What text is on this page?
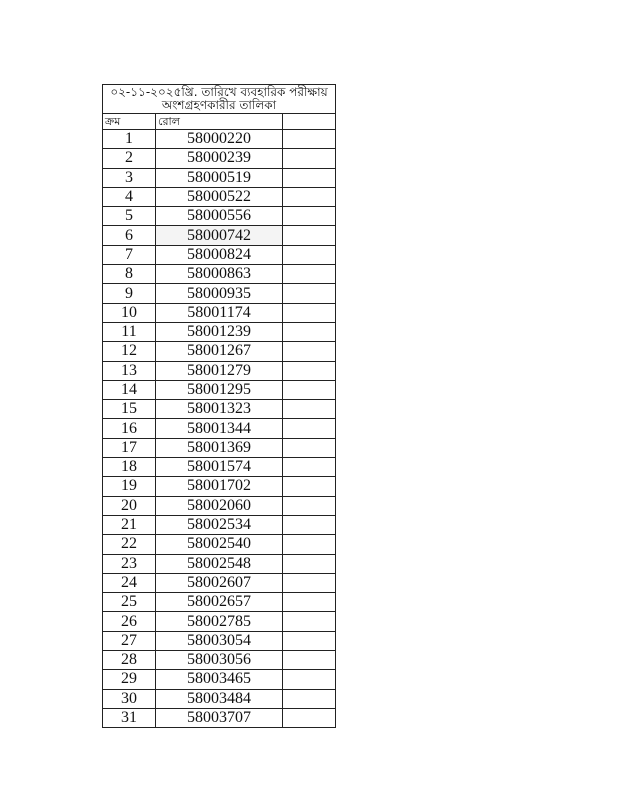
০২-১১-২০২৫খ্রি. তারিখে ব্যবহারিক পরীক্ষায়
অংশগ্রহণকারীর তালিকা		

ক্রম	রোল	
1	58000220	
2	58000239	
3	58000519	
4	58000522	
5	58000556	
6	58000742	
7	58000824	
8	58000863	
9	58000935	
10	58001174	
11	58001239	
12	58001267	
13	58001279	
14	58001295	
15	58001323	
16	58001344	
17	58001369	
18	58001574	
19	58001702	
20	58002060	
21	58002534	
22	58002540	
23	58002548	
24	58002607	
25	58002657	
26	58002785	
27	58003054	
28	58003056	
29	58003465	
30	58003484	
31	58003707	
